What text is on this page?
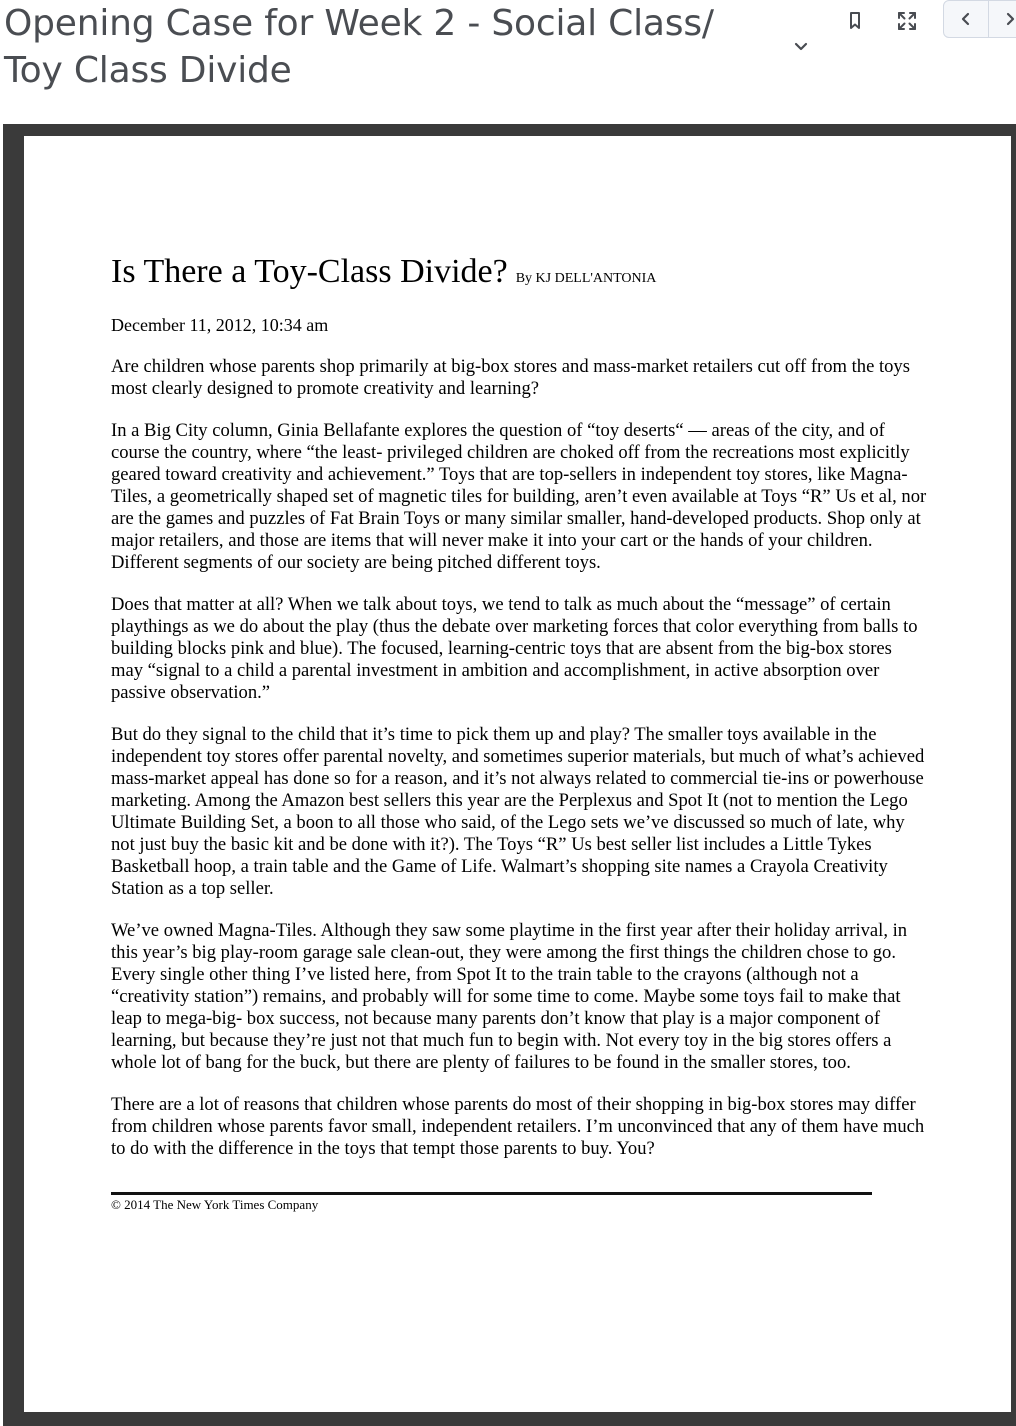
Opening Case for Week 2 - Social Class/ Toy Class Divide

Is There a Toy-Class Divide? By KJ DELL'ANTONIA

December 11, 2012, 10:34 am

Are children whose parents shop primarily at big-box stores and mass-market retailers cut off from the toys most clearly designed to promote creativity and learning?

In a Big City column, Ginia Bellafante explores the question of “toy deserts“ — areas of the city, and of course the country, where “the least- privileged children are choked off from the recreations most explicitly geared toward creativity and achievement.” Toys that are top-sellers in independent toy stores, like Magna-Tiles, a geometrically shaped set of magnetic tiles for building, aren’t even available at Toys “R” Us et al, nor are the games and puzzles of Fat Brain Toys or many similar smaller, hand-developed products. Shop only at major retailers, and those are items that will never make it into your cart or the hands of your children. Different segments of our society are being pitched different toys.

Does that matter at all? When we talk about toys, we tend to talk as much about the “message” of certain playthings as we do about the play (thus the debate over marketing forces that color everything from balls to building blocks pink and blue). The focused, learning-centric toys that are absent from the big-box stores may “signal to a child a parental investment in ambition and accomplishment, in active absorption over passive observation.”

But do they signal to the child that it’s time to pick them up and play? The smaller toys available in the independent toy stores offer parental novelty, and sometimes superior materials, but much of what’s achieved mass-market appeal has done so for a reason, and it’s not always related to commercial tie-ins or powerhouse marketing. Among the Amazon best sellers this year are the Perplexus and Spot It (not to mention the Lego Ultimate Building Set, a boon to all those who said, of the Lego sets we’ve discussed so much of late, why not just buy the basic kit and be done with it?). The Toys “R” Us best seller list includes a Little Tykes Basketball hoop, a train table and the Game of Life. Walmart’s shopping site names a Crayola Creativity Station as a top seller.

We’ve owned Magna-Tiles. Although they saw some playtime in the first year after their holiday arrival, in this year’s big play-room garage sale clean-out, they were among the first things the children chose to go. Every single other thing I’ve listed here, from Spot It to the train table to the crayons (although not a “creativity station”) remains, and probably will for some time to come. Maybe some toys fail to make that leap to mega-big- box success, not because many parents don’t know that play is a major component of learning, but because they’re just not that much fun to begin with. Not every toy in the big stores offers a whole lot of bang for the buck, but there are plenty of failures to be found in the smaller stores, too.

There are a lot of reasons that children whose parents do most of their shopping in big-box stores may differ from children whose parents favor small, independent retailers. I’m unconvinced that any of them have much to do with the difference in the toys that tempt those parents to buy. You?

© 2014 The New York Times Company
